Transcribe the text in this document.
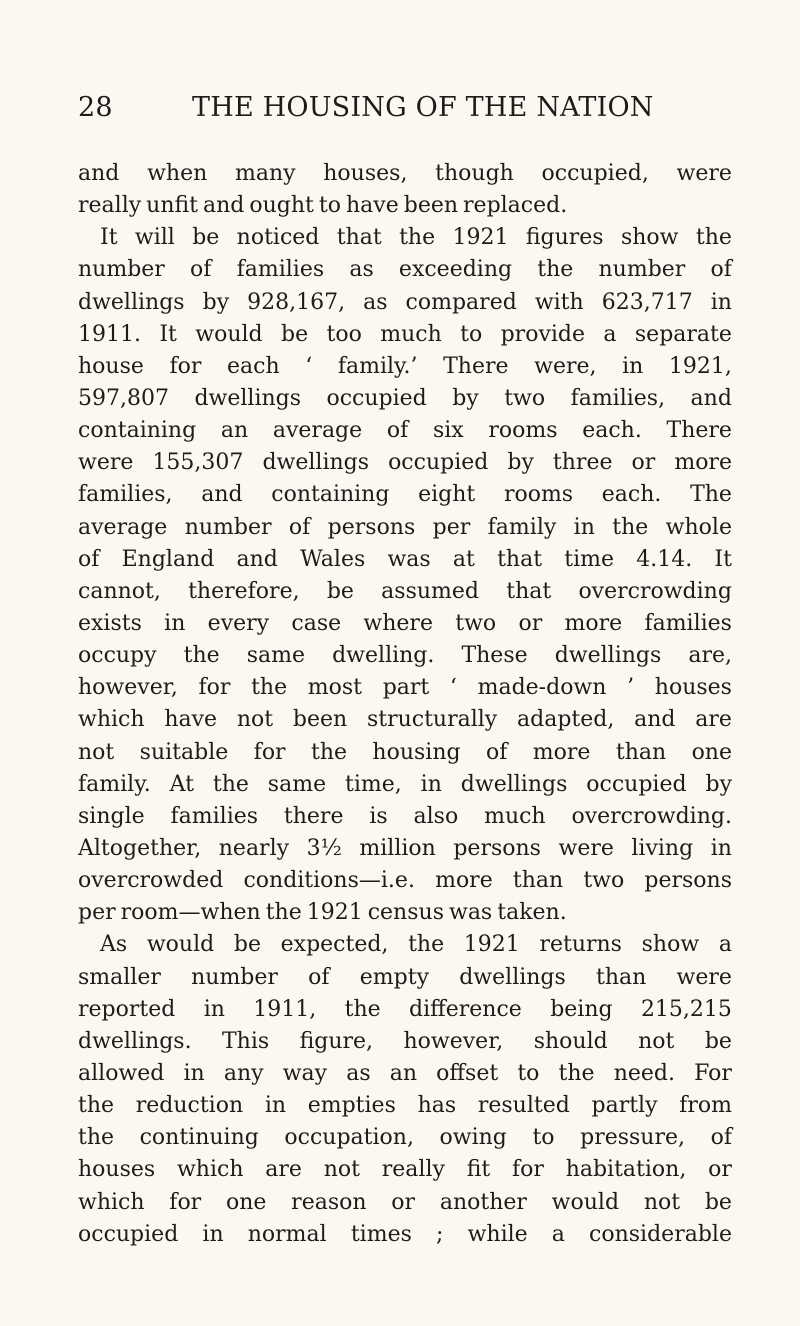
28	THE HOUSING OF THE NATION
and when many houses, though occupied, were
really unfit and ought to have been replaced.
It will be noticed that the 1921 figures show the
number of families as exceeding the number of
dwellings by 928,167, as compared with 623,717 in
1911. It would be too much to provide a separate
house for each ‘ family.’ There were, in 1921,
597,807 dwellings occupied by two families, and
containing an average of six rooms each. There
were 155,307 dwellings occupied by three or more
families, and containing eight rooms each. The
average number of persons per family in the whole
of England and Wales was at that time 4.14. It
cannot, therefore, be assumed that overcrowding
exists in every case where two or more families
occupy the same dwelling. These dwellings are,
however, for the most part ‘ made-down ’ houses
which have not been structurally adapted, and are
not suitable for the housing of more than one
family. At the same time, in dwellings occupied by
single families there is also much overcrowding.
Altogether, nearly 3½ million persons were living in
overcrowded conditions—i.e. more than two persons
per room—when the 1921 census was taken.
As would be expected, the 1921 returns show a
smaller number of empty dwellings than were
reported in 1911, the difference being 215,215
dwellings. This figure, however, should not be
allowed in any way as an offset to the need. For
the reduction in empties has resulted partly from
the continuing occupation, owing to pressure, of
houses which are not really fit for habitation, or
which for one reason or another would not be
occupied in normal times ; while a considerable
